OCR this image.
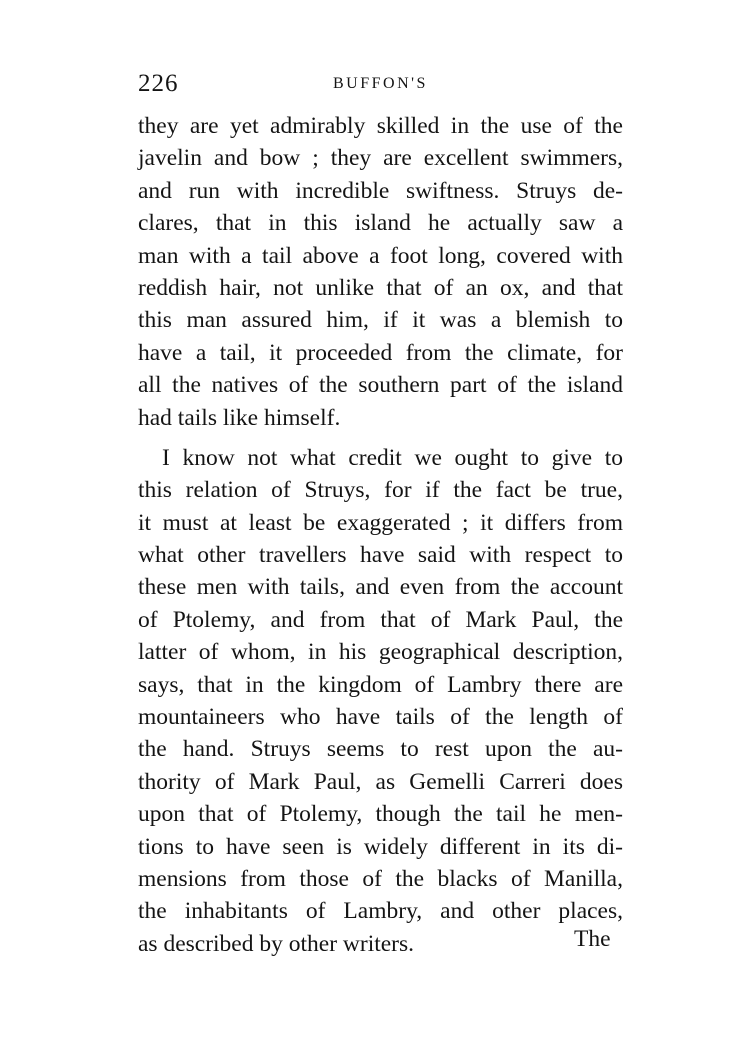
226	BUFFON'S
they are yet admirably skilled in the use of the
javelin and bow ; they are excellent swimmers,
and run with incredible swiftness. Struys de-
clares, that in this island he actually saw a
man with a tail above a foot long, covered with
reddish hair, not unlike that of an ox, and that
this man assured him, if it was a blemish to
have a tail, it proceeded from the climate, for
all the natives of the southern part of the island
had tails like himself.
I know not what credit we ought to give to
this relation of Struys, for if the fact be true,
it must at least be exaggerated ; it differs from
what other travellers have said with respect to
these men with tails, and even from the account
of Ptolemy, and from that of Mark Paul, the
latter of whom, in his geographical description,
says, that in the kingdom of Lambry there are
mountaineers who have tails of the length of
the hand. Struys seems to rest upon the au-
thority of Mark Paul, as Gemelli Carreri does
upon that of Ptolemy, though the tail he men-
tions to have seen is widely different in its di-
mensions from those of the blacks of Manilla,
the inhabitants of Lambry, and other places,
as described by other writers.	The
